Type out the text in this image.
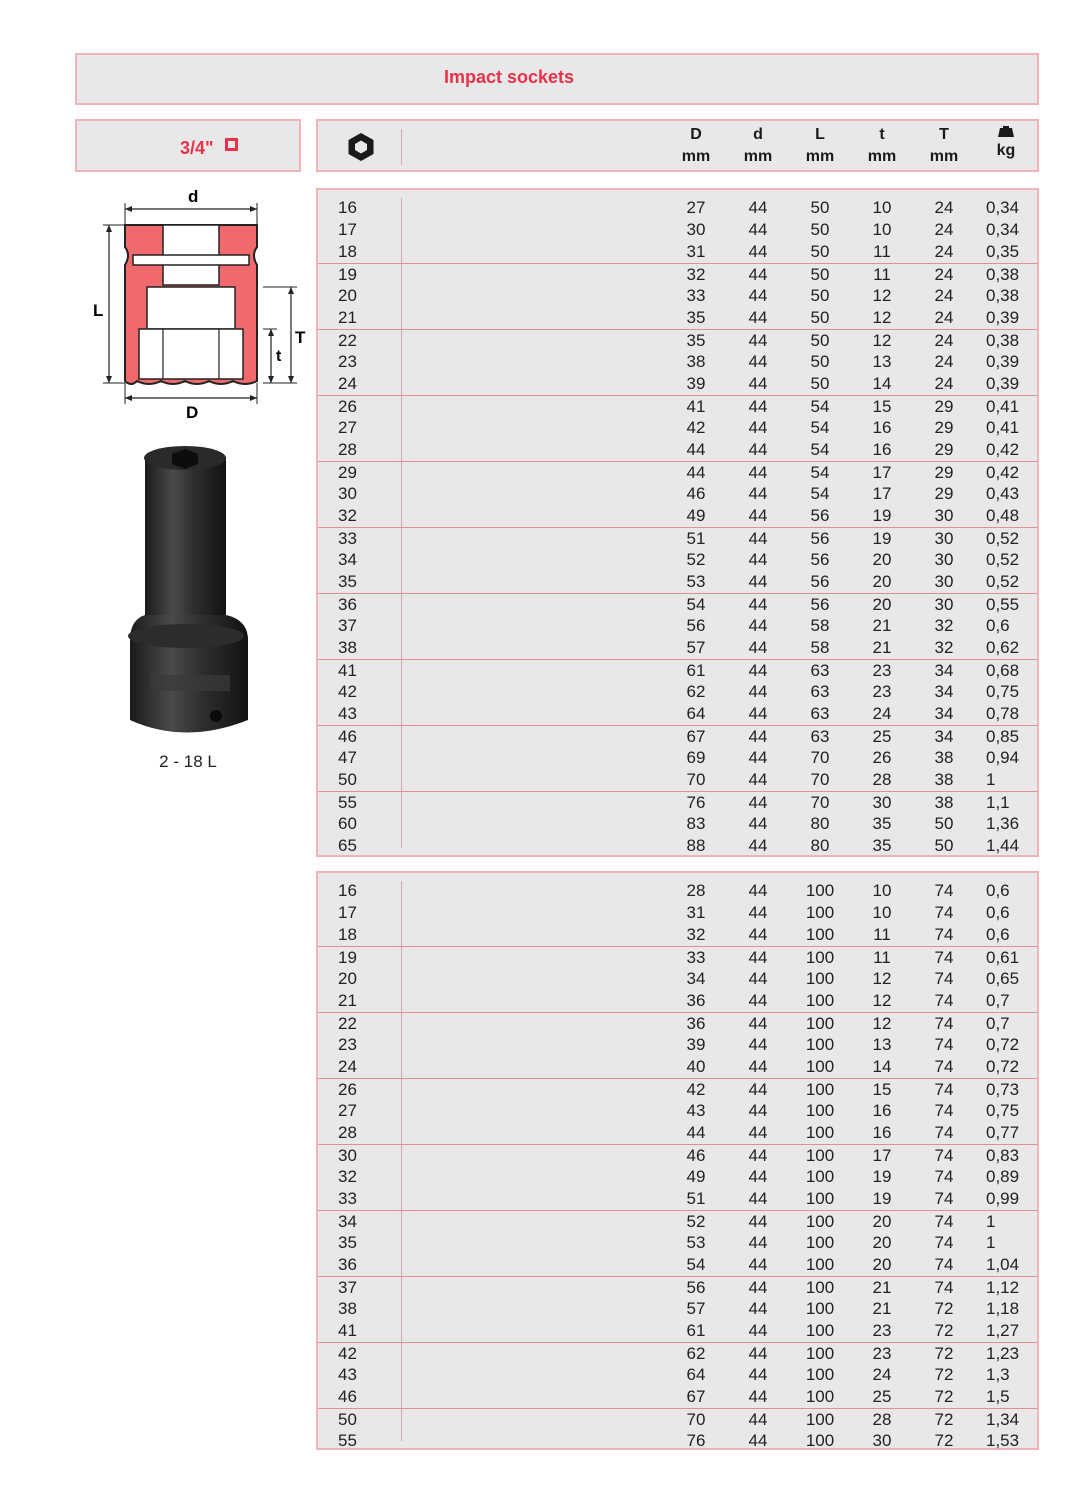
Impact sockets
3/4"
D
mm
d
mm
L
mm
t
mm
T
mm	kg
d
L
T
t
D
2 - 18 L
16	27	44	50	10	24	0,34
17	30	44	50	10	24	0,34
18	31	44	50	11	24	0,35
19	32	44	50	11	24	0,38
20	33	44	50	12	24	0,38
21	35	44	50	12	24	0,39
22	35	44	50	12	24	0,38
23	38	44	50	13	24	0,39
24	39	44	50	14	24	0,39
26	41	44	54	15	29	0,41
27	42	44	54	16	29	0,41
28	44	44	54	16	29	0,42
29	44	44	54	17	29	0,42
30	46	44	54	17	29	0,43
32	49	44	56	19	30	0,48
33	51	44	56	19	30	0,52
34	52	44	56	20	30	0,52
35	53	44	56	20	30	0,52
36	54	44	56	20	30	0,55
37	56	44	58	21	32	0,6
38	57	44	58	21	32	0,62
41	61	44	63	23	34	0,68
42	62	44	63	23	34	0,75
43	64	44	63	24	34	0,78
46	67	44	63	25	34	0,85
47	69	44	70	26	38	0,94
50	70	44	70	28	38	1
55	76	44	70	30	38	1,1
60	83	44	80	35	50	1,36
65	88	44	80	35	50	1,44
16	28	44	100	10	74	0,6
17	31	44	100	10	74	0,6
18	32	44	100	11	74	0,6
19	33	44	100	11	74	0,61
20	34	44	100	12	74	0,65
21	36	44	100	12	74	0,7
22	36	44	100	12	74	0,7
23	39	44	100	13	74	0,72
24	40	44	100	14	74	0,72
26	42	44	100	15	74	0,73
27	43	44	100	16	74	0,75
28	44	44	100	16	74	0,77
30	46	44	100	17	74	0,83
32	49	44	100	19	74	0,89
33	51	44	100	19	74	0,99
34	52	44	100	20	74	1
35	53	44	100	20	74	1
36	54	44	100	20	74	1,04
37	56	44	100	21	74	1,12
38	57	44	100	21	72	1,18
41	61	44	100	23	72	1,27
42	62	44	100	23	72	1,23
43	64	44	100	24	72	1,3
46	67	44	100	25	72	1,5
50	70	44	100	28	72	1,34
55	76	44	100	30	72	1,53
